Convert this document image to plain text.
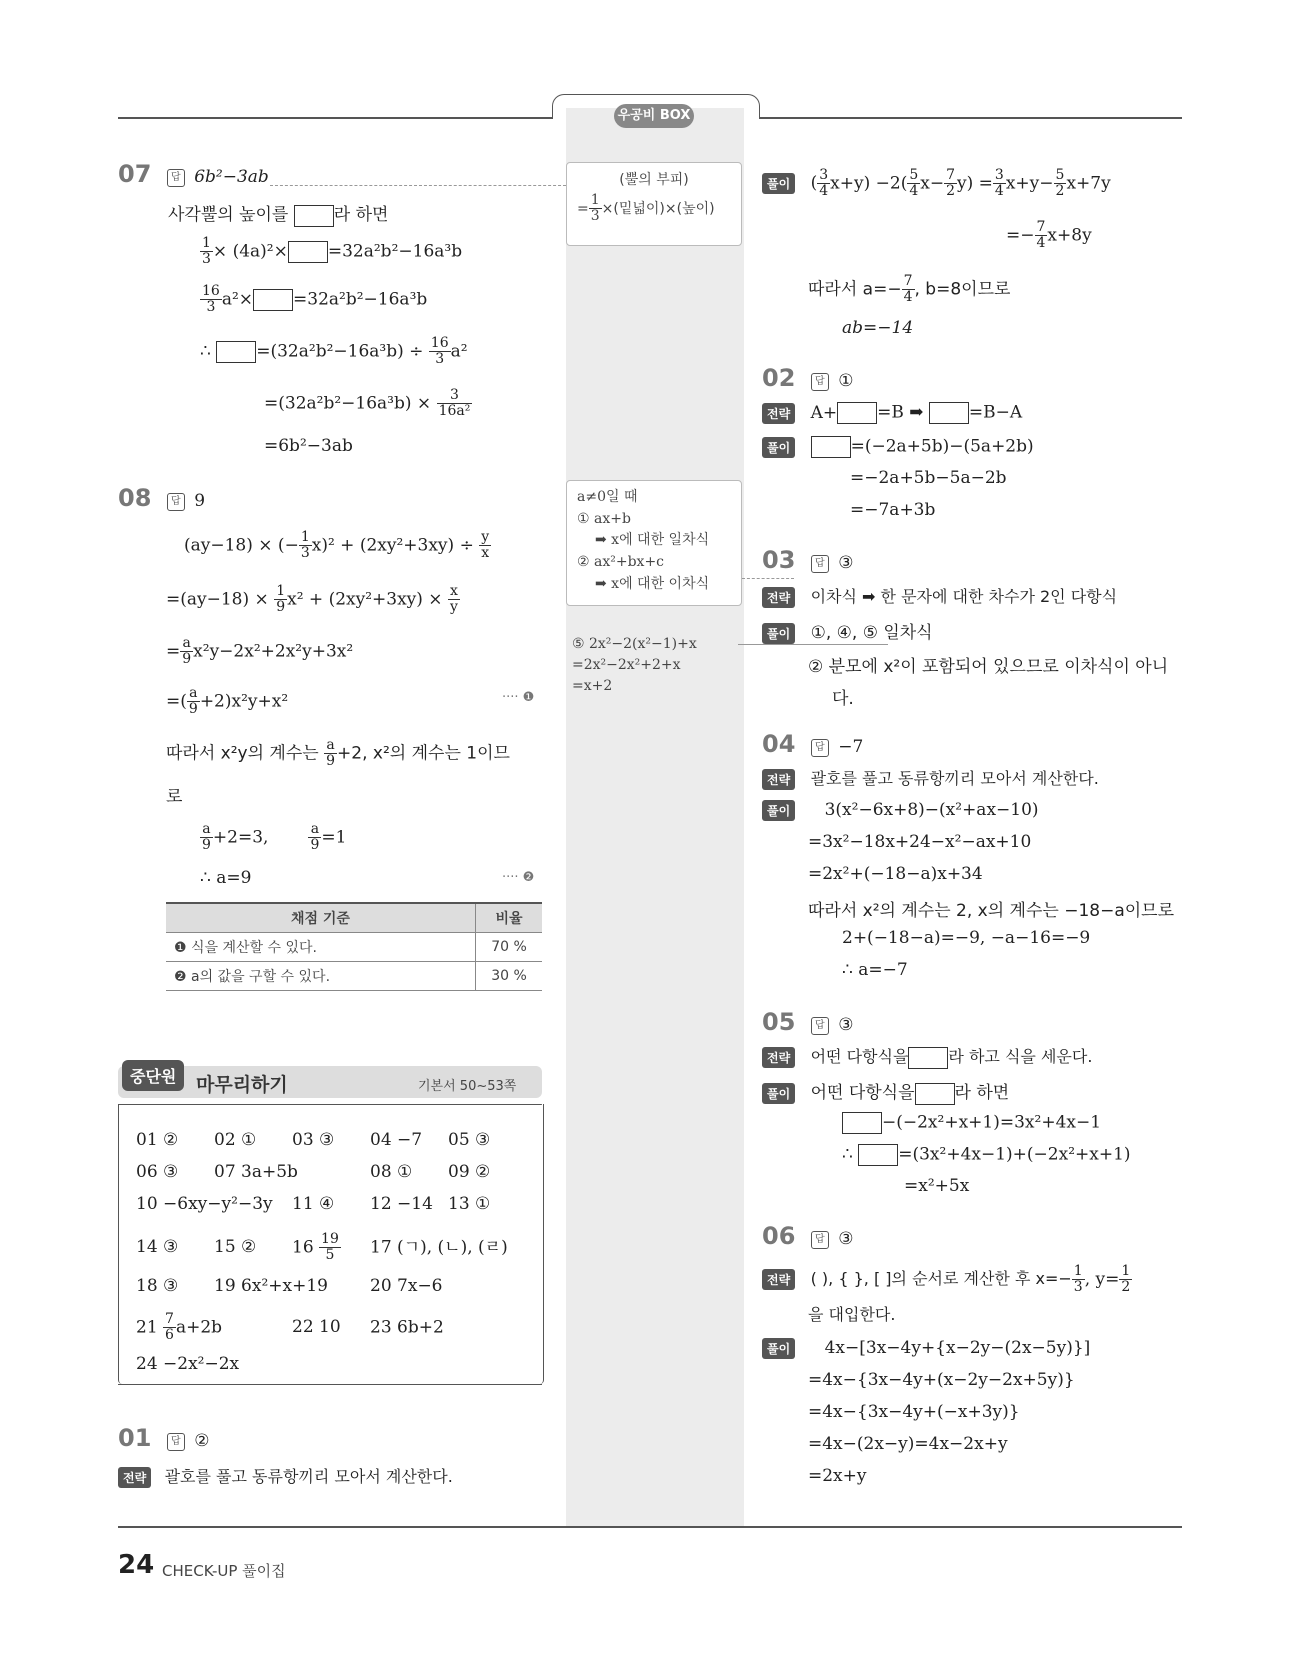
우공비 BOX
07 답 6b²−3ab
사각뿔의 높이를	라 하면
$\frac{1}{3} \times (4a)^2\times =32a^2b^2-16a^3b$
$\frac{16}{3} a^2\times =32a^2b^2-16a^3b$
∴	$=(32a^2b^2-16a^3b) \div \frac{16}{3} a^2$
$=(32a^2b^2-16a^3b) \times \frac{3}{\text{16a²}}$
=6b²−3ab
08 답 9
(ay−18) × (− $\frac{1}{3} x)^2 + (2xy^2+3xy) \div \frac{y}{x}$
$=(ay-18) \times \frac{1}{9} x^2 + (2xy^2+3xy) \times \frac{x}{y}$
= $\frac{a}{9} x^2y-2x^2+2x^2y+3x^2$
=( $\frac{a}{9} +2)x^2y+x^2$	···· ❶
따라서 x²y의 계수는 $\frac{a}{9} +2$, x²의 계수는 1이므
로
$\frac{a}{9} +2=3$,	$\frac{a}{9} =1$
∴ a=9	···· ❷
채점 기준	비율
❶ 식을 계산할 수 있다.	70 %
❷ a의 값을 구할 수 있다.	30 %
중단원	마무리하기	기본서 50~53쪽
01 ② 02 ① 03 ③ 04 −7 05 ③
06 ③ 07 3a+5b	08 ① 09 ②
10 −6xy−y²−3y 11 ④ 12 −14 13 ①
14 ③ 15 ② $16 \frac{19}{5} 17$ (ㄱ), (ㄴ), (ㄹ)
18 ③ 19 6x²+x+19 20 7x−6
$21 \frac{7}{6} a+2b$	22 10 23 6b+2
24 −2x²−2x
01 답 ②
전략 괄호를 풀고 동류항끼리 모아서 계산한다.
(뿔의 부피)
= $\frac{1}{3}$ ×(밑넓이)×(높이)
a≠0일 때
① ax+b
➡ x에 대한 일차식
② ax²+bx+c
➡ x에 대한 이차식
⑤ 2x²−2(x²−1)+x
=2x²−2x²+2+x
=x+2
풀이 ( $\frac{3}{4} x+y) -2( \frac{5}{4} x- \frac{7}{2} y) = \frac{3}{4} x+y- \frac{5}{2} x+7y$
=− $\frac{7}{4} x+8y$
따라서 $a=- \frac{7}{4}$ , b=8이므로
ab=−14
02 답 ①
전략 A+ =B ➡	=B−A
풀이	=(−2a+5b)−(5a+2b)
=−2a+5b−5a−2b
=−7a+3b
03 답 ③
전략 이차식 ➡ 한 문자에 대한 차수가 2인 다항식
풀이 ①, ④, ⑤ 일차식
② 분모에 x²이 포함되어 있으므로 이차식이 아니
다.
04 답 −7
전략 괄호를 풀고 동류항끼리 모아서 계산한다.
풀이 3(x²−6x+8)−(x²+ax−10)
=3x²−18x+24−x²−ax+10
=2x²+(−18−a)x+34
따라서 x²의 계수는 2, x의 계수는 −18−a이므로
2+(−18−a)=−9, −a−16=−9
∴ a=−7
05 답 ③
전략 어떤 다항식을	라 하고 식을 세운다.
풀이 어떤 다항식을 라 하면
−(−2x²+x+1)=3x²+4x−1
∴	=(3x²+4x−1)+(−2x²+x+1)
=x²+5x
06 답 ③
전략 ( ), { }, [ ]의 순서로 계산한 후 $x=- \frac{1}{3}$ , $y= \frac{1}{2}$
을 대입한다.
풀이 4x−[3x−4y+{x−2y−(2x−5y)}]
=4x−{3x−4y+(x−2y−2x+5y)}
=4x−{3x−4y+(−x+3y)}
=4x−(2x−y)=4x−2x+y
=2x+y
24 CHECK-UP 풀이집
